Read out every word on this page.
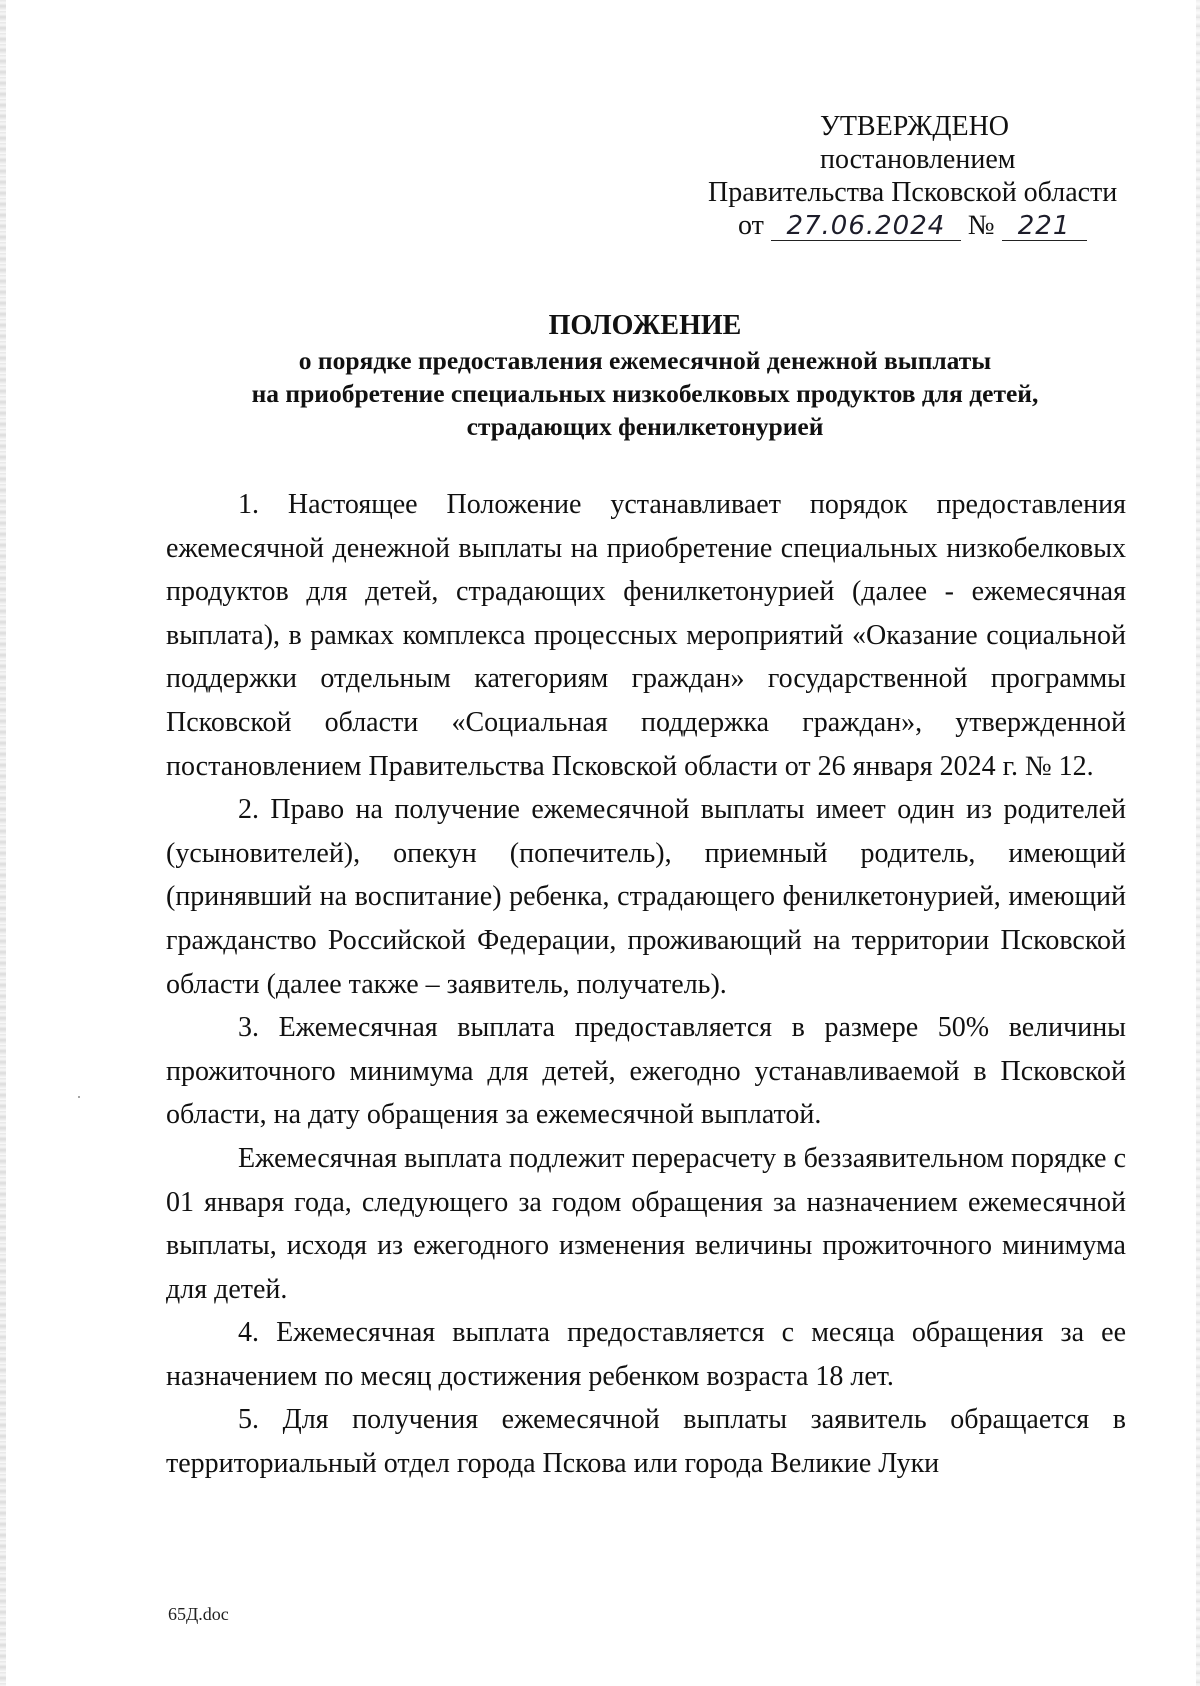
УТВЕРЖДЕНО
постановлением
Правительства Псковской области
от 27.06.2024 № 221
ПОЛОЖЕНИЕ
о порядке предоставления ежемесячной денежной выплаты
на приобретение специальных низкобелковых продуктов для детей,
страдающих фенилкетонурией

1. Настоящее Положение устанавливает порядок предоставления ежемесячной денежной выплаты на приобретение специальных низкобелковых продуктов для детей, страдающих фенилкетонурией (далее - ежемесячная выплата), в рамках комплекса процессных мероприятий «Оказание социальной поддержки отдельным категориям граждан» государственной программы Псковской области «Социальная поддержка граждан», утвержденной постановлением Правительства Псковской области от 26 января 2024 г. № 12.

2. Право на получение ежемесячной выплаты имеет один из родителей (усыновителей), опекун (попечитель), приемный родитель, имеющий (принявший на воспитание) ребенка, страдающего фенилкетонурией, имеющий гражданство Российской Федерации, проживающий на территории Псковской области (далее также – заявитель, получатель).

3. Ежемесячная выплата предоставляется в размере 50% величины прожиточного минимума для детей, ежегодно устанавливаемой в Псковской области, на дату обращения за ежемесячной выплатой.

Ежемесячная выплата подлежит перерасчету в беззаявительном порядке с 01 января года, следующего за годом обращения за назначением ежемесячной выплаты, исходя из ежегодного изменения величины прожиточного минимума для детей.

4. Ежемесячная выплата предоставляется с месяца обращения за ее назначением по месяц достижения ребенком возраста 18 лет.

5. Для получения ежемесячной выплаты заявитель обращается в территориальный отдел города Пскова или города Великие Луки

65Д.doc
